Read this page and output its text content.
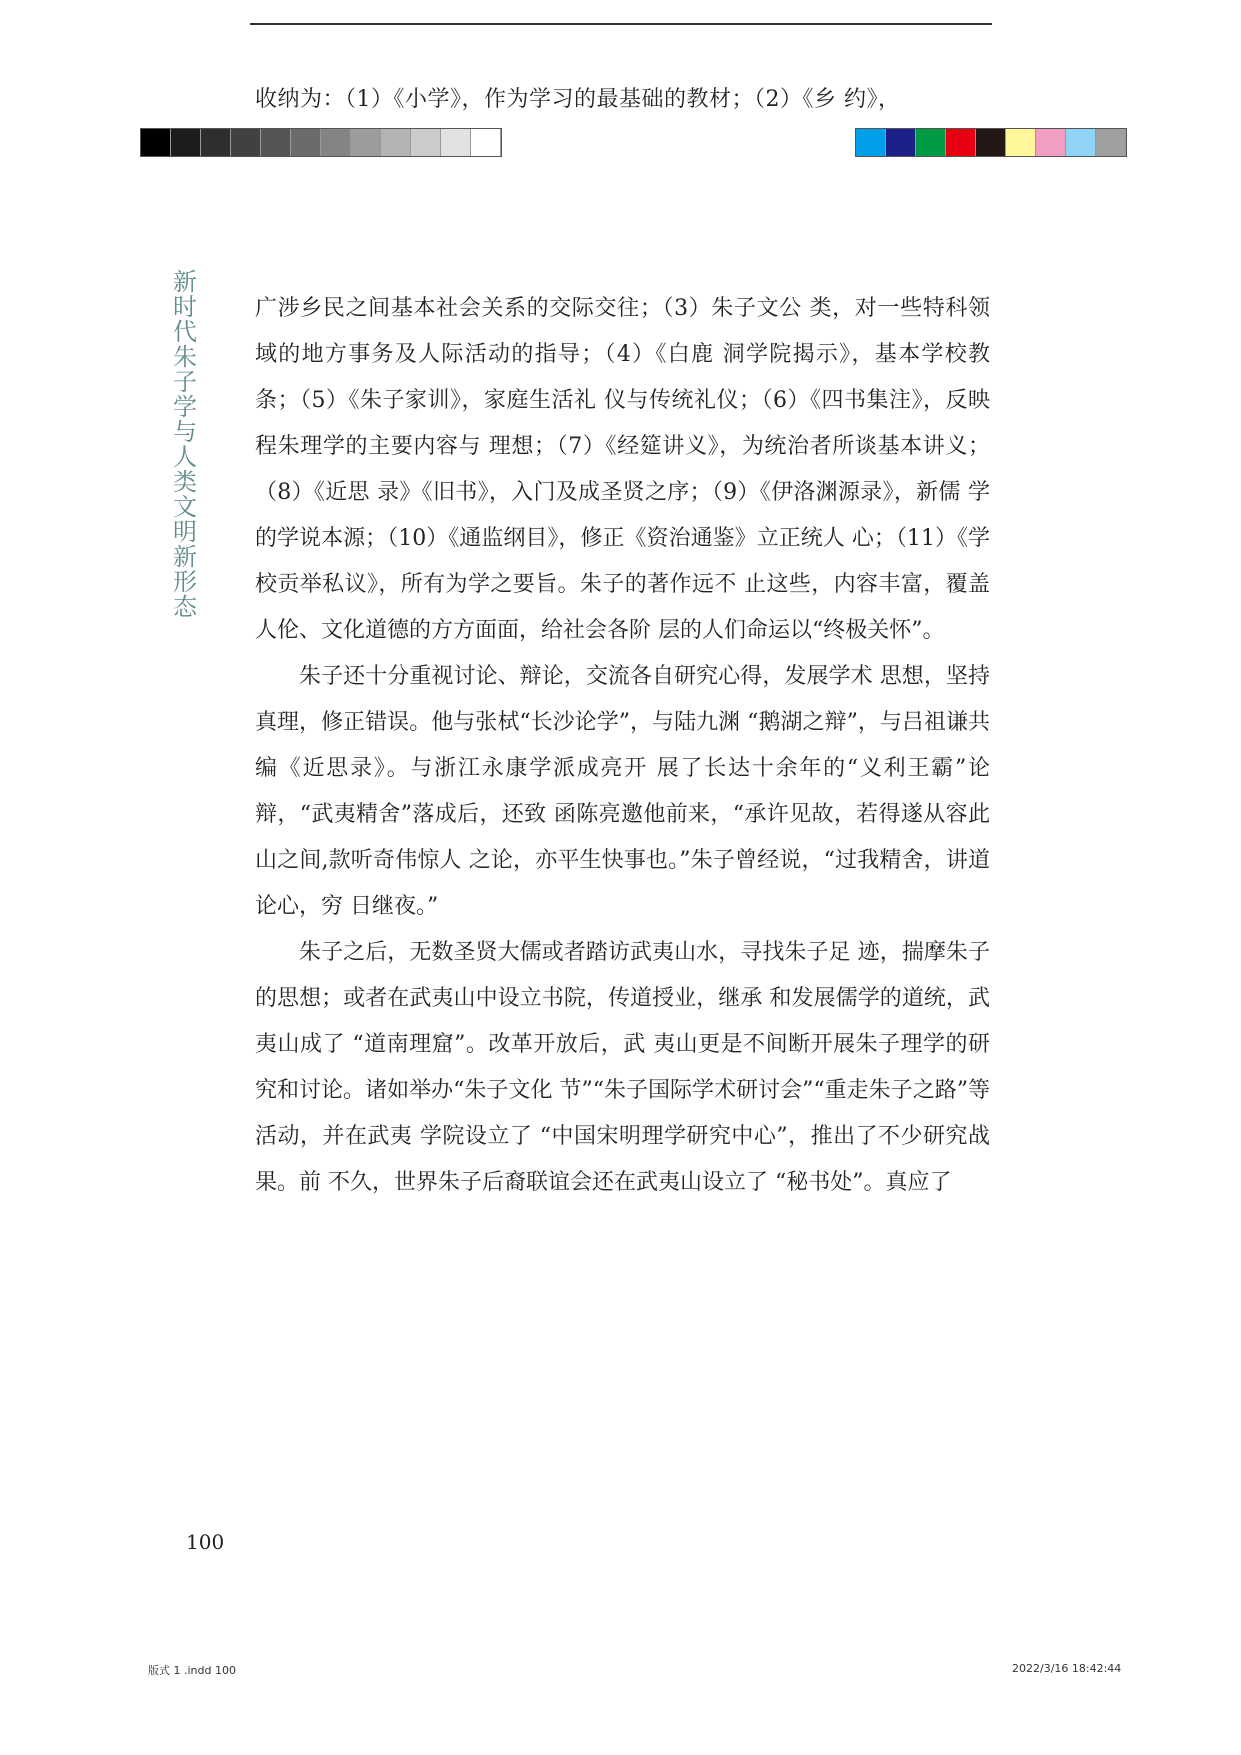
收纳为：（1）《小学》，作为学习的最基础的教材；（2）《乡 约》，
新时代朱子学与人类文明新形态

广涉乡民之间基本社会关系的交际交往；（3）朱子文公 类，对一些特科领域的地方事务及人际活动的指导；（4）《白鹿 洞学院揭示》，基本学校教条；（5）《朱子家训》，家庭生活礼 仪与传统礼仪；（6）《四书集注》，反映程朱理学的主要内容与 理想；（7）《经筵讲义》，为统治者所谈基本讲义；（8）《近思 录》《旧书》，入门及成圣贤之序；（9）《伊洛渊源录》，新儒 学的学说本源；（10）《通监纲目》，修正《资治通鉴》立正统人 心；（11）《学校贡举私议》，所有为学之要旨。朱子的著作远不 止这些，内容丰富，覆盖人伦、文化道德的方方面面，给社会各阶 层的人们命运以“终极关怀”。

朱子还十分重视讨论、辩论，交流各自研究心得，发展学术 思想，坚持真理，修正错误。他与张栻“长沙论学”，与陆九渊 “鹅湖之辩”，与吕祖谦共编《近思录》。与浙江永康学派成亮开 展了长达十余年的“义利王霸”论辩，“武夷精舍”落成后，还致 函陈亮邀他前来，“承许见故，若得遂从容此山之间,款听奇伟惊人 之论，亦平生快事也。”朱子曾经说，“过我精舍，讲道论心，穷 日继夜。”

朱子之后，无数圣贤大儒或者踏访武夷山水，寻找朱子足 迹，揣摩朱子的思想；或者在武夷山中设立书院，传道授业，继承 和发展儒学的道统，武夷山成了 “道南理窟”。改革开放后，武 夷山更是不间断开展朱子理学的研究和讨论。诸如举办“朱子文化 节”“朱子国际学术研讨会”“重走朱子之路”等活动，并在武夷 学院设立了 “中国宋明理学研究中心”，推出了不少研究战果。前 不久，世界朱子后裔联谊会还在武夷山设立了 “秘书处”。真应了

100
版式 1 .indd 100	2022/3/16 18:42:44
